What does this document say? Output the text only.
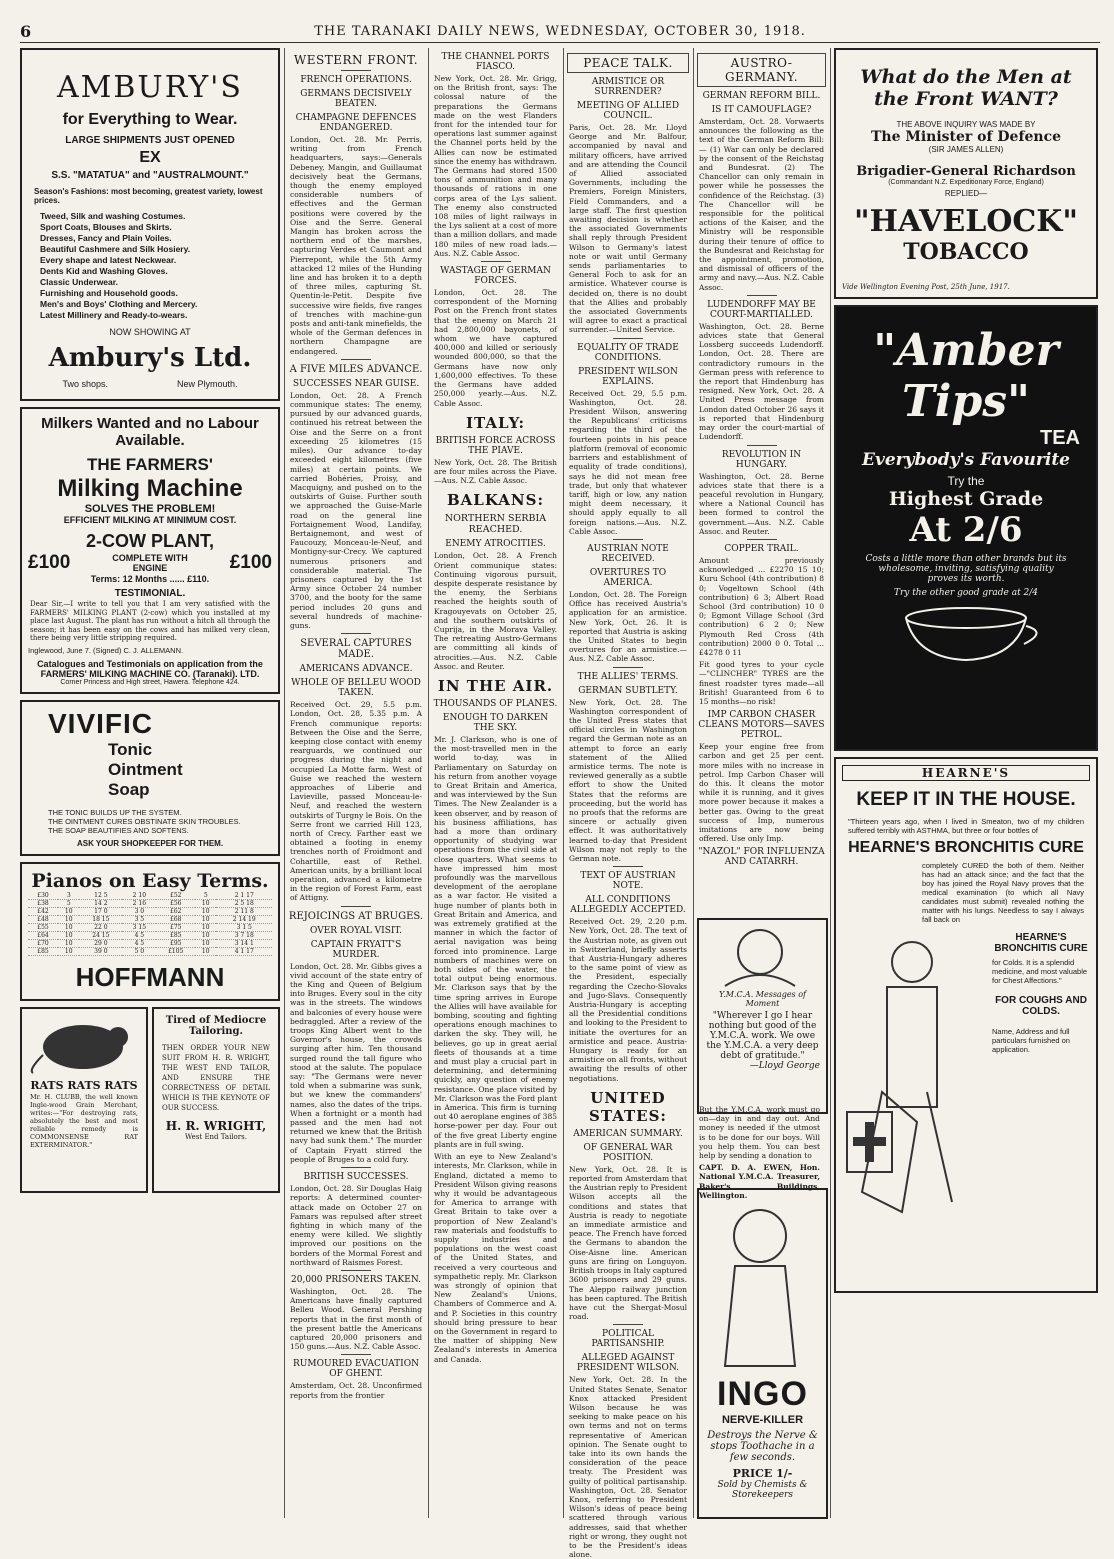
6	THE TARANAKI DAILY NEWS, WEDNESDAY, OCTOBER 30, 1918.
AMBURY'S
for Everything to Wear.
LARGE SHIPMENTS JUST OPENED
EX
S.S. "MATATUA" and "AUSTRALMOUNT."
Season's Fashions: most becoming, greatest variety, lowest prices.
Tweed, Silk and washing Costumes.
Sport Coats, Blouses and Skirts.
Dresses, Fancy and Plain Voiles.
Beautiful Cashmere and Silk Hosiery.
Every shape and latest Neckwear.
Dents Kid and Washing Gloves.
Classic Underwear.
Furnishing and Household goods.
Men's and Boys' Clothing and Mercery.
Latest Millinery and Ready-to-wears.
NOW SHOWING AT
Ambury's Ltd.
Two shops.	New Plymouth.
Milkers Wanted and no Labour Available.
THE FARMERS'
Milking Machine
SOLVES THE PROBLEM!
EFFICIENT MILKING AT MINIMUM COST.
2-COW PLANT,
£100	COMPLETE WITH ENGINE	£100
Terms: 12 Months ...... £110.
TESTIMONIAL.
Dear Sir,—I write to tell you that I am very satisfied with the FARMERS' MILKING PLANT (2-cow) which you installed at my place last August. The plant has run without a hitch all through the season; it has been easy on the cows and has milked very clean, there being very little stripping required.
Inglewood, June 7. (Signed) C. J. ALLEMANN.
Catalogues and Testimonials on application from the
FARMERS' MILKING MACHINE CO. (Taranaki). LTD.
Corner Princess and High street, Hawera. Telephone 424.
VIVIFIC
Tonic
Ointment
Soap
THE TONIC BUILDS UP THE SYSTEM.
THE OINTMENT CURES OBSTINATE SKIN TROUBLES.
THE SOAP BEAUTIFIES AND SOFTENS.
ASK YOUR SHOPKEEPER FOR THEM.
Pianos on Easy Terms.
£30	3	12 5	2 10	£52	5	2 1 17
£38	5	14 2	2 16	£56	10	2 5 18
£42	10	17 0	3 0	£62	10	2 11 8
£48	10	18 15	3 5	£68	10	2 14 19
£55	10	22 0	3 15	£75	10	3 1 5
£64	10	24 15	4 5	£85	10	3 7 18
£70	10	29 0	4 5	£95	10	3 14 1
£85	10	39 0	5 0	£105	10	4 1 17
HOFFMANN
RATS RATS RATS
Mr. H. CLUBB, the well known Ingle-wood Grain Merchant, writes:—"For destroying rats, absolutely the best and most reliable remedy is COMMONSENSE RAT EXTERMINATOR."
Tired of Mediocre Tailoring.
THEN ORDER YOUR NEW SUIT FROM H. R. WRIGHT, THE WEST END TAILOR, AND ENSURE THE CORRECTNESS OF DETAIL WHICH IS THE KEYNOTE OF OUR SUCCESS.
H. R. WRIGHT,
West End Tailors.
WESTERN FRONT.
FRENCH OPERATIONS.
GERMANS DECISIVELY BEATEN.
CHAMPAGNE DEFENCES ENDANGERED.
London, Oct. 28. Mr. Perris, writing from French headquarters, says:—Generals Debeney, Mangin, and Guillaumat decisively beat the Germans, though the enemy employed considerable numbers of effectives and the German positions were covered by the Oise and the Serre. General Mangin has broken across the northern end of the marshes, capturing Verdes et Caumont and Pierrepont, while the 5th Army attacked 12 miles of the Hunding line and has broken it to a depth of three miles, capturing St. Quentin-le-Petit. Despite five successive wire fields, five ranges of trenches with machine-gun posts and anti-tank minefields, the whole of the German defences in northern Champagne are endangered.
A FIVE MILES ADVANCE.
SUCCESSES NEAR GUISE.
London, Oct. 28. A French communique states: The enemy, pursued by our advanced guards, continued his retreat between the Oise and the Serre on a front exceeding 25 kilometres (15 miles). Our advance to-day exceeded eight kilometres (five miles) at certain points. We carried Bohéries, Proisy, and Macquigny, and pushed on to the outskirts of Guise. Further south we approached the Guise-Marle road on the general line Fortaignement Wood, Landifay, Bertaignemont, and west of Faucouzy, Monceau-le-Neuf, and Montigny-sur-Crecy. We captured numerous prisoners and considerable material. The prisoners captured by the 1st Army since October 24 number 3700, and the booty for the same period includes 20 guns and several hundreds of machine-guns.
SEVERAL CAPTURES MADE.
AMERICANS ADVANCE.
WHOLE OF BELLEU WOOD TAKEN.
Received Oct. 29, 5.5 p.m. London, Oct. 28, 5.35 p.m. A French communique reports: Between the Oise and the Serre, keeping close contact with enemy rearguards, we continued our progress during the night and occupied La Motte farm. West of Guise we reached the western approaches of Liberie and Lavieville, passed Monceau-le-Neuf, and reached the western outskirts of Turgny le Bois. On the Serre front we carried Hill 123, north of Crecy. Farther east we obtained a footing in enemy trenches north of Froidmont and Cohartille, east of Rethel. American units, by a brilliant local operation, advanced a kilometre in the region of Forest Farm, east of Attigny.
REJOICINGS AT BRUGES.
OVER ROYAL VISIT.
CAPTAIN FRYATT'S MURDER.
London, Oct. 28. Mr. Gibbs gives a vivid account of the state entry of the King and Queen of Belgium into Bruges. Every soul in the city was in the streets. The windows and balconies of every house were bedraggled. After a review of the troops King Albert went to the Governor's house, the crowds surging after him. Ten thousand surged round the tall figure who stood at the salute. The populace say: "The Germans were never told when a submarine was sunk, but we knew the commanders' names, also the dates of the trips. When a fortnight or a month had passed and the men had not returned we knew that the British navy had sunk them." The murder of Captain Fryatt stirred the people of Bruges to a cold fury.
BRITISH SUCCESSES.
London, Oct. 28. Sir Douglas Haig reports: A determined counter-attack made on October 27 on Famars was repulsed after street fighting in which many of the enemy were killed. We slightly improved our positions on the borders of the Mormal Forest and northward of Raismes Forest.
20,000 PRISONERS TAKEN.
Washington, Oct. 28. The Americans have finally captured Belleu Wood. General Pershing reports that in the first month of the present battle the Americans captured 20,000 prisoners and 150 guns.—Aus. N.Z. Cable Assoc.
RUMOURED EVACUATION OF GHENT.
Amsterdam, Oct. 28. Unconfirmed reports from the frontier
THE CHANNEL PORTS FIASCO.
New York, Oct. 28. Mr. Grigg, on the British front, says: The colossal nature of the preparations the Germans made on the west Flanders front for the intended tour for operations last summer against the Channel ports held by the Allies can now be estimated since the enemy has withdrawn. The Germans had stored 1500 tons of ammunition and many thousands of rations in one corps area of the Lys salient. The enemy also constructed 108 miles of light railways in the Lys salient at a cost of more than a million dollars, and made 180 miles of new road lads.—Aus. N.Z. Cable Assoc.
WASTAGE OF GERMAN FORCES.
London, Oct. 28. The correspondent of the Morning Post on the French front states that the enemy on March 21 had 2,800,000 bayonets, of whom we have captured 400,000 and killed or seriously wounded 800,000, so that the Germans have now only 1,600,000 effectives. To these the Germans have added 250,000 yearly.—Aus. N.Z. Cable Assoc.
ITALY:
BRITISH FORCE ACROSS THE PIAVE.
New York, Oct. 28. The British are four miles across the Piave.—Aus. N.Z. Cable Assoc.
BALKANS:
NORTHERN SERBIA REACHED.
ENEMY ATROCITIES.
London, Oct. 28. A French Orient communique states: Continuing vigorous pursuit, despite desperate resistance by the enemy, the Serbians reached the heights south of Kragouyevats on October 25, and the southern outskirts of Cuprija, in the Morava Valley. The retreating Austro-Germans are committing all kinds of atrocities.—Aus. N.Z. Cable Assoc. and Reuter.
IN THE AIR.
THOUSANDS OF PLANES.
ENOUGH TO DARKEN THE SKY.
Mr. J. Clarkson, who is one of the most-travelled men in the world to-day, was in Parliamentary on Saturday on his return from another voyage to Great Britain and America, and was interviewed by the Sun Times. The New Zealander is a keen observer, and by reason of his business affiliations, has had a more than ordinary opportunity of studying war operations from the civil side at close quarters. What seems to have impressed him most profoundly was the marvellous development of the aeroplane as a war factor. He visited a huge number of plants both in Great Britain and America, and was extremely gratified at the manner in which the factor of aerial navigation was being forced into prominence. Large numbers of machines were on both sides of the water, the total output being enormous. Mr. Clarkson says that by the time spring arrives in Europe the Allies will have available for bombing, scouting and fighting operations enough machines to darken the sky. They will, he believes, go up in great aerial fleets of thousands at a time and must play a crucial part in determining, and determining quickly, any question of enemy resistance. One place visited by Mr. Clarkson was the Ford plant in America. This firm is turning out 40 aeroplane engines of 385 horse-power per day. Four out of the five great Liberty engine plants are in full swing.
With an eye to New Zealand's interests, Mr. Clarkson, while in England, dictated a memo to President Wilson giving reasons why it would be advantageous for America to arrange with Great Britain to take over a proportion of New Zealand's raw materials and foodstuffs to supply industries and populations on the west coast of the United States, and received a very courteous and sympathetic reply. Mr. Clarkson was strongly of opinion that New Zealand's Unions, Chambers of Commerce and A. and P. Societies in this country should bring pressure to bear on the Government in regard to the matter of shipping New Zealand's interests in America and Canada.
PEACE TALK.
ARMISTICE OR SURRENDER?
MEETING OF ALLIED COUNCIL.
Paris, Oct. 28. Mr. Lloyd George and Mr. Balfour, accompanied by naval and military officers, have arrived and are attending the Council of Allied associated Governments, including the Premiers, Foreign Ministers, Field Commanders, and a large staff. The first question awaiting decision is whether the associated Governments shall reply through President Wilson to Germany's latest note or wait until Germany sends parliamentaries to General Foch to ask for an armistice. Whatever course is decided on, there is no doubt that the Allies and probably the associated Governments will agree to exact a practical surrender.—United Service.
EQUALITY OF TRADE CONDITIONS.
PRESIDENT WILSON EXPLAINS.
Received Oct. 29, 5.5 p.m. Washington, Oct. 28. President Wilson, answering the Republicans' criticisms regarding the third of the fourteen points in his peace platform (removal of economic barriers and establishment of equality of trade conditions), says he did not mean free trade, but only that whatever tariff, high or low, any nation might deem necessary, it should apply equally to all foreign nations.—Aus. N.Z. Cable Assoc.
AUSTRIAN NOTE RECEIVED.
OVERTURES TO AMERICA.
London, Oct. 28. The Foreign Office has received Austria's application for an armistice. New York, Oct. 26. It is reported that Austria is asking the United States to begin overtures for an armistice.—Aus. N.Z. Cable Assoc.
THE ALLIES' TERMS.
GERMAN SUBTLETY.
New York, Oct. 28. The Washington correspondent of the United Press states that official circles in Washington regard the German note as an attempt to force an early statement of the Allied armistice terms. The note is reviewed generally as a subtle effort to show the United States that the reforms are proceeding, but the world has no proofs that the reforms are sincere or actually given effect. It was authoritatively learned to-day that President Wilson may not reply to the German note.
TEXT OF AUSTRIAN NOTE.
ALL CONDITIONS ALLEGEDLY ACCEPTED.
Received Oct. 29, 2.20 p.m. New York, Oct. 28. The text of the Austrian note, as given out in Switzerland, briefly asserts that Austria-Hungary adheres to the same point of view as the President, especially regarding the Czecho-Slovaks and Jugo-Slavs. Consequently Austria-Hungary is accepting all the Presidential conditions and looking to the President to initiate the overtures for an armistice and peace. Austria-Hungary is ready for an armistice on all fronts, without awaiting the results of other negotiations.
UNITED STATES:
AMERICAN SUMMARY.
OF GENERAL WAR POSITION.
New York, Oct. 28. It is reported from Amsterdam that the Austrian reply to President Wilson accepts all the conditions and states that Austria is ready to negotiate an immediate armistice and peace. The French have forced the Germans to abandon the Oise-Aisne line. American guns are firing on Longuyon. British troops in Italy captured 3600 prisoners and 29 guns. The Aleppo railway junction has been captured. The British have cut the Shergat-Mosul road.
POLITICAL PARTISANSHIP.
ALLEGED AGAINST PRESIDENT WILSON.
New York, Oct. 28. In the United States Senate, Senator Knox attacked President Wilson because he was seeking to make peace on his own terms and not on terms representative of American opinion. The Senate ought to take into its own hands the consideration of the peace treaty. The President was guilty of political partisanship. Washington, Oct. 28. Senator Knox, referring to President Wilson's ideas of peace being scattered through various addresses, said that whether right or wrong, they ought not to be the President's ideas alone.
AUSTRO-GERMANY.
GERMAN REFORM BILL.
IS IT CAMOUFLAGE?
Amsterdam, Oct. 28. Vorwaerts announces the following as the text of the German Reform Bill:— (1) War can only be declared by the consent of the Reichstag and Bundesrat. (2) The Chancellor can only remain in power while he possesses the confidence of the Reichstag. (3) The Chancellor will be responsible for the political actions of the Kaiser, and the Ministry will be responsible during their tenure of office to the Bundesrat and Reichstag for the appointment, promotion, and dismissal of officers of the army and navy.—Aus. N.Z. Cable Assoc.
LUDENDORFF MAY BE COURT-MARTIALLED.
Washington, Oct. 28. Berne advices state that General Lossberg succeeds Ludendorff. London, Oct. 28. There are contradictory rumours in the German press with reference to the report that Hindenburg has resigned. New York, Oct. 28. A United Press message from London dated October 26 says it is reported that Hindenburg may order the court-martial of Ludendorff.
REVOLUTION IN HUNGARY.
Washington, Oct. 28. Berne advices state that there is a peaceful revolution in Hungary, where a National Council has been formed to control the government.—Aus. N.Z. Cable Assoc. and Reuter.
COPPER TRAIL.
Amount previously acknowledged ... £2270 15 10; Kuru School (4th contribution) 8 0; Vogeltown School (4th contribution) 6 3; Albert Road School (3rd contribution) 10 0 0; Egmont Village School (3rd contribution) 6 2 0; New Plymouth Red Cross (4th contribution) 2000 0 0. Total ... £4278 0 11
Fit good tyres to your cycle—"CLINCHER" TYRES are the finest roadster tyres made—all British! Guaranteed from 6 to 15 months—no risk!
IMP CARBON CHASER CLEANS MOTORS—SAVES PETROL.
Keep your engine free from carbon and get 25 per cent. more miles with no increase in petrol. Imp Carbon Chaser will do this. It cleans the motor while it is running, and it gives more power because it makes a better gas. Owing to the great success of Imp, numerous imitations are now being offered. Use only Imp.
"NAZOL" FOR INFLUENZA AND CATARRH.
Y.M.C.A. Messages of Moment
"Wherever I go I hear nothing but good of the Y.M.C.A. work. We owe the Y.M.C.A. a very deep debt of gratitude."
—Lloyd George
But the Y.M.C.A. work must go on—day in and day out. And money is needed if the utmost is to be done for our boys. Will you help them. You can best help by sending a donation to
CAPT. D. A. EWEN, Hon. National Y.M.C.A. Treasurer, Baker's Buildings, Wellington.
INGO
NERVE-KILLER
Destroys the Nerve & stops Toothache in a few seconds.
PRICE 1/-
Sold by Chemists & Storekeepers
What do the Men at the Front WANT?
THE ABOVE INQUIRY WAS MADE BY
The Minister of Defence
(SIR JAMES ALLEN)
Brigadier-General Richardson
(Commandant N.Z. Expeditionary Force, England)
REPLIED—
"HAVELOCK"
TOBACCO
Vide Wellington Evening Post, 25th June, 1917.
"Amber
Tips"
TEA
Everybody's Favourite
Try the
Highest Grade
At 2/6
Costs a little more than other brands but its wholesome, inviting, satisfying quality proves its worth.
Try the other good grade at 2/4
HEARNE'S
KEEP IT IN THE HOUSE.
"Thirteen years ago, when I lived in Smeaton, two of my children suffered terribly with ASTHMA, but three or four bottles of
HEARNE'S BRONCHITIS CURE
completely CURED the both of them. Neither has had an attack since; and the fact that the boy has joined the Royal Navy proves that the medical examination (to which all Navy candidates must submit) revealed nothing the matter with his lungs. Needless to say I always fall back on
HEARNE'S BRONCHITIS CURE
for Colds. It is a splendid medicine, and most valuable for Chest Affections."
FOR COUGHS AND COLDS.
Name, Address and full particulars furnished on application.
